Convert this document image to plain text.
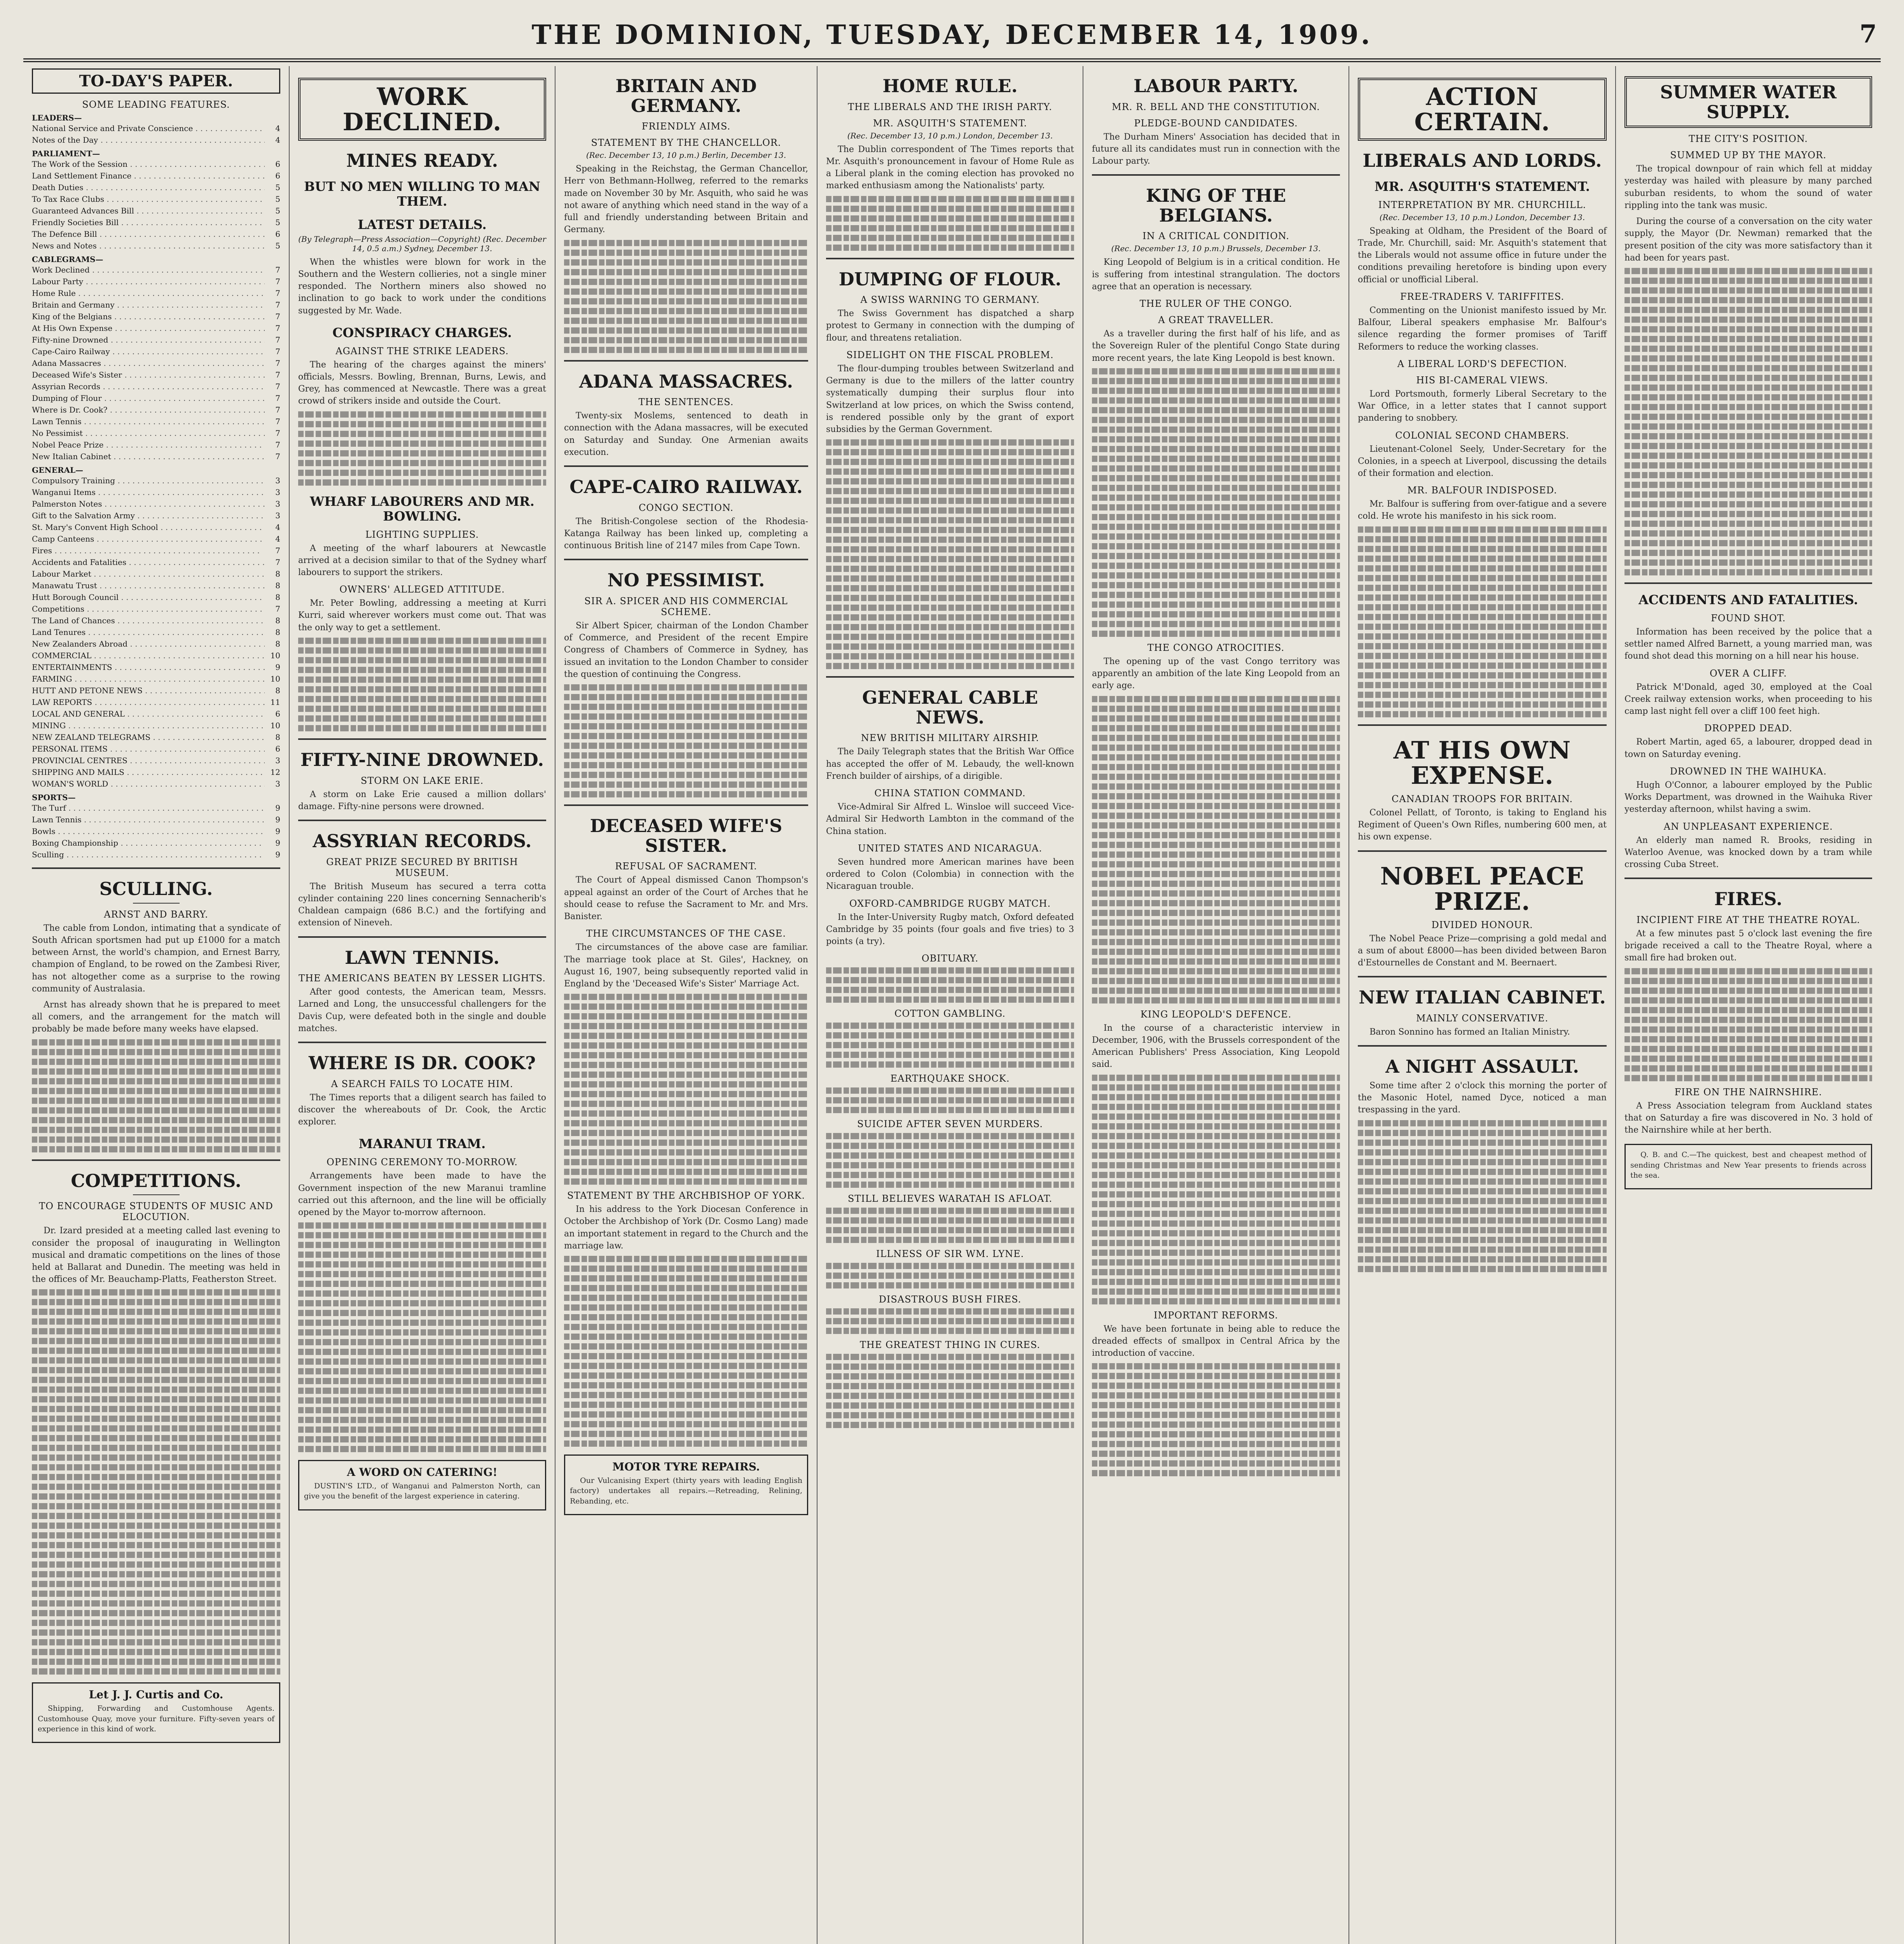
THE DOMINION, TUESDAY, DECEMBER 14, 1909.	7
TO-DAY'S PAPER.
SOME LEADING FEATURES.
LEADERS—
National Service and Private Conscience . . .	4
Notes of the Day . . .	4
PARLIAMENT—
The Work of the Session . . .	6
Land Settlement Finance . . .	6
Death Duties . . .	5
To Tax Race Clubs . . .	5
Guaranteed Advances Bill . . .	5
Friendly Societies Bill . . .	5
The Defence Bill . . .	6
News and Notes . . .	5
CABLEGRAMS—
Work Declined . . .	7
Labour Party . . .	7
Home Rule . . .	7
Britain and Germany . . .	7
King of the Belgians . . .	7
At His Own Expense . . .	7
Fifty-nine Drowned . . .	7
Cape-Cairo Railway . . .	7
Adana Massacres . . .	7
Deceased Wife's Sister . . .	7
Assyrian Records . . .	7
Dumping of Flour . . .	7
Where is Dr. Cook? . . .	7
Lawn Tennis . . .	7
No Pessimist . . .	7
Nobel Peace Prize . . .	7
New Italian Cabinet . . .	7
GENERAL—
Compulsory Training . . .	3
Wanganui Items . . .	3
Palmerston Notes . . .	3
Gift to the Salvation Army . . .	3
St. Mary's Convent High School . . .	4
Camp Canteens . . .	4
Fires . . .	7
Accidents and Fatalities . . .	7
Labour Market . . .	8
Manawatu Trust . . .	8
Hutt Borough Council . . .	8
Competitions . . .	7
The Land of Chances . . .	8
Land Tenures . . .	8
New Zealanders Abroad . . .	8
COMMERCIAL . . .	10
ENTERTAINMENTS . . .	9
FARMING . . .	10
HUTT AND PETONE NEWS . . .	8
LAW REPORTS . . .	11
LOCAL AND GENERAL . . .	6
MINING . . .	10
NEW ZEALAND TELEGRAMS . . .	8
PERSONAL ITEMS . . .	6
PROVINCIAL CENTRES . . .	3
SHIPPING AND MAILS . . .	12
WOMAN'S WORLD . . .	3
SPORTS—
The Turf . . .	9
Lawn Tennis . . .	9
Bowls . . .	9
Boxing Championship . . .	9
Sculling . . .	9
SCULLING.
ARNST AND BARRY.

The cable from London, intimating that a syndicate of South African sportsmen had put up £1000 for a match between Arnst, the world's champion, and Ernest Barry, champion of England, to be rowed on the Zambesi River, has not altogether come as a surprise to the rowing community of Australasia.

Arnst has already shown that he is prepared to meet all comers, and the arrangement for the match will probably be made before many weeks have elapsed.

COMPETITIONS.
TO ENCOURAGE STUDENTS OF MUSIC AND ELOCUTION.

Dr. Izard presided at a meeting called last evening to consider the proposal of inaugurating in Wellington musical and dramatic competitions on the lines of those held at Ballarat and Dunedin. The meeting was held in the offices of Mr. Beauchamp-Platts, Featherston Street.

Let J. J. Curtis and Co.

Shipping, Forwarding and Customhouse Agents. Customhouse Quay, move your furniture. Fifty-seven years of experience in this kind of work.

WORK DECLINED.
MINES READY.
BUT NO MEN WILLING TO MAN THEM.
LATEST DETAILS.
(By Telegraph—Press Association—Copyright) (Rec. December 14, 0.5 a.m.) Sydney, December 13.

When the whistles were blown for work in the Southern and the Western collieries, not a single miner responded. The Northern miners also showed no inclination to go back to work under the conditions suggested by Mr. Wade.

CONSPIRACY CHARGES.
AGAINST THE STRIKE LEADERS.

The hearing of the charges against the miners' officials, Messrs. Bowling, Brennan, Burns, Lewis, and Grey, has commenced at Newcastle. There was a great crowd of strikers inside and outside the Court.

WHARF LABOURERS AND MR. BOWLING.
LIGHTING SUPPLIES.

A meeting of the wharf labourers at Newcastle arrived at a decision similar to that of the Sydney wharf labourers to support the strikers.

OWNERS' ALLEGED ATTITUDE.

Mr. Peter Bowling, addressing a meeting at Kurri Kurri, said wherever workers must come out. That was the only way to get a settlement.

FIFTY-NINE DROWNED.
STORM ON LAKE ERIE.

A storm on Lake Erie caused a million dollars' damage. Fifty-nine persons were drowned.

ASSYRIAN RECORDS.
GREAT PRIZE SECURED BY BRITISH MUSEUM.

The British Museum has secured a terra cotta cylinder containing 220 lines concerning Sennacherib's Chaldean campaign (686 B.C.) and the fortifying and extension of Nineveh.

LAWN TENNIS.
THE AMERICANS BEATEN BY LESSER LIGHTS.

After good contests, the American team, Messrs. Larned and Long, the unsuccessful challengers for the Davis Cup, were defeated both in the single and double matches.

WHERE IS DR. COOK?
A SEARCH FAILS TO LOCATE HIM.

The Times reports that a diligent search has failed to discover the whereabouts of Dr. Cook, the Arctic explorer.

MARANUI TRAM.
OPENING CEREMONY TO-MORROW.

Arrangements have been made to have the Government inspection of the new Maranui tramline carried out this afternoon, and the line will be officially opened by the Mayor to-morrow afternoon.

A WORD ON CATERING!

DUSTIN'S LTD., of Wanganui and Palmerston North, can give you the benefit of the largest experience in catering.

BRITAIN AND GERMANY.
FRIENDLY AIMS.
STATEMENT BY THE CHANCELLOR.
(Rec. December 13, 10 p.m.) Berlin, December 13.

Speaking in the Reichstag, the German Chancellor, Herr von Bethmann-Hollweg, referred to the remarks made on November 30 by Mr. Asquith, who said he was not aware of anything which need stand in the way of a full and friendly understanding between Britain and Germany.

ADANA MASSACRES.
THE SENTENCES.

Twenty-six Moslems, sentenced to death in connection with the Adana massacres, will be executed on Saturday and Sunday. One Armenian awaits execution.

CAPE-CAIRO RAILWAY.
CONGO SECTION.

The British-Congolese section of the Rhodesia-Katanga Railway has been linked up, completing a continuous British line of 2147 miles from Cape Town.

NO PESSIMIST.
SIR A. SPICER AND HIS COMMERCIAL SCHEME.

Sir Albert Spicer, chairman of the London Chamber of Commerce, and President of the recent Empire Congress of Chambers of Commerce in Sydney, has issued an invitation to the London Chamber to consider the question of continuing the Congress.

DECEASED WIFE'S SISTER.
REFUSAL OF SACRAMENT.

The Court of Appeal dismissed Canon Thompson's appeal against an order of the Court of Arches that he should cease to refuse the Sacrament to Mr. and Mrs. Banister.

THE CIRCUMSTANCES OF THE CASE.

The circumstances of the above case are familiar. The marriage took place at St. Giles', Hackney, on August 16, 1907, being subsequently reported valid in England by the 'Deceased Wife's Sister' Marriage Act.

STATEMENT BY THE ARCHBISHOP OF YORK.

In his address to the York Diocesan Conference in October the Archbishop of York (Dr. Cosmo Lang) made an important statement in regard to the Church and the marriage law.

MOTOR TYRE REPAIRS.

Our Vulcanising Expert (thirty years with leading English factory) undertakes all repairs.—Retreading, Relining, Rebanding, etc.

HOME RULE.
THE LIBERALS AND THE IRISH PARTY.
MR. ASQUITH'S STATEMENT.
(Rec. December 13, 10 p.m.) London, December 13.

The Dublin correspondent of The Times reports that Mr. Asquith's pronouncement in favour of Home Rule as a Liberal plank in the coming election has provoked no marked enthusiasm among the Nationalists' party.

DUMPING OF FLOUR.
A SWISS WARNING TO GERMANY.

The Swiss Government has dispatched a sharp protest to Germany in connection with the dumping of flour, and threatens retaliation.

SIDELIGHT ON THE FISCAL PROBLEM.

The flour-dumping troubles between Switzerland and Germany is due to the millers of the latter country systematically dumping their surplus flour into Switzerland at low prices, on which the Swiss contend, is rendered possible only by the grant of export subsidies by the German Government.

GENERAL CABLE NEWS.
NEW BRITISH MILITARY AIRSHIP.

The Daily Telegraph states that the British War Office has accepted the offer of M. Lebaudy, the well-known French builder of airships, of a dirigible.

CHINA STATION COMMAND.

Vice-Admiral Sir Alfred L. Winsloe will succeed Vice-Admiral Sir Hedworth Lambton in the command of the China station.

UNITED STATES AND NICARAGUA.

Seven hundred more American marines have been ordered to Colon (Colombia) in connection with the Nicaraguan trouble.

OXFORD-CAMBRIDGE RUGBY MATCH.

In the Inter-University Rugby match, Oxford defeated Cambridge by 35 points (four goals and five tries) to 3 points (a try).

OBITUARY.
COTTON GAMBLING.
EARTHQUAKE SHOCK.
SUICIDE AFTER SEVEN MURDERS.
STILL BELIEVES WARATAH IS AFLOAT.
ILLNESS OF SIR WM. LYNE.
DISASTROUS BUSH FIRES.
THE GREATEST THING IN CURES.
LABOUR PARTY.
MR. R. BELL AND THE CONSTITUTION.
PLEDGE-BOUND CANDIDATES.

The Durham Miners' Association has decided that in future all its candidates must run in connection with the Labour party.

KING OF THE BELGIANS.
IN A CRITICAL CONDITION.
(Rec. December 13, 10 p.m.) Brussels, December 13.

King Leopold of Belgium is in a critical condition. He is suffering from intestinal strangulation. The doctors agree that an operation is necessary.

THE RULER OF THE CONGO.
A GREAT TRAVELLER.

As a traveller during the first half of his life, and as the Sovereign Ruler of the plentiful Congo State during more recent years, the late King Leopold is best known.

THE CONGO ATROCITIES.

The opening up of the vast Congo territory was apparently an ambition of the late King Leopold from an early age.

KING LEOPOLD'S DEFENCE.

In the course of a characteristic interview in December, 1906, with the Brussels correspondent of the American Publishers' Press Association, King Leopold said.

IMPORTANT REFORMS.

We have been fortunate in being able to reduce the dreaded effects of smallpox in Central Africa by the introduction of vaccine.

ACTION CERTAIN.
LIBERALS AND LORDS.
MR. ASQUITH'S STATEMENT.
INTERPRETATION BY MR. CHURCHILL.
(Rec. December 13, 10 p.m.) London, December 13.

Speaking at Oldham, the President of the Board of Trade, Mr. Churchill, said: Mr. Asquith's statement that the Liberals would not assume office in future under the conditions prevailing heretofore is binding upon every official or unofficial Liberal.

FREE-TRADERS V. TARIFFITES.

Commenting on the Unionist manifesto issued by Mr. Balfour, Liberal speakers emphasise Mr. Balfour's silence regarding the former promises of Tariff Reformers to reduce the working classes.

A LIBERAL LORD'S DEFECTION.
HIS BI-CAMERAL VIEWS.

Lord Portsmouth, formerly Liberal Secretary to the War Office, in a letter states that I cannot support pandering to snobbery.

COLONIAL SECOND CHAMBERS.

Lieutenant-Colonel Seely, Under-Secretary for the Colonies, in a speech at Liverpool, discussing the details of their formation and election.

MR. BALFOUR INDISPOSED.

Mr. Balfour is suffering from over-fatigue and a severe cold. He wrote his manifesto in his sick room.

AT HIS OWN EXPENSE.
CANADIAN TROOPS FOR BRITAIN.

Colonel Pellatt, of Toronto, is taking to England his Regiment of Queen's Own Rifles, numbering 600 men, at his own expense.

NOBEL PEACE PRIZE.
DIVIDED HONOUR.

The Nobel Peace Prize—comprising a gold medal and a sum of about £8000—has been divided between Baron d'Estournelles de Constant and M. Beernaert.

NEW ITALIAN CABINET.
MAINLY CONSERVATIVE.

Baron Sonnino has formed an Italian Ministry.

A NIGHT ASSAULT.

Some time after 2 o'clock this morning the porter of the Masonic Hotel, named Dyce, noticed a man trespassing in the yard.

SUMMER WATER SUPPLY.
THE CITY'S POSITION.
SUMMED UP BY THE MAYOR.

The tropical downpour of rain which fell at midday yesterday was hailed with pleasure by many parched suburban residents, to whom the sound of water rippling into the tank was music.

During the course of a conversation on the city water supply, the Mayor (Dr. Newman) remarked that the present position of the city was more satisfactory than it had been for years past.

ACCIDENTS AND FATALITIES.
FOUND SHOT.

Information has been received by the police that a settler named Alfred Barnett, a young married man, was found shot dead this morning on a hill near his house.

OVER A CLIFF.

Patrick M'Donald, aged 30, employed at the Coal Creek railway extension works, when proceeding to his camp last night fell over a cliff 100 feet high.

DROPPED DEAD.

Robert Martin, aged 65, a labourer, dropped dead in town on Saturday evening.

DROWNED IN THE WAIHUKA.

Hugh O'Connor, a labourer employed by the Public Works Department, was drowned in the Waihuka River yesterday afternoon, whilst having a swim.

AN UNPLEASANT EXPERIENCE.

An elderly man named R. Brooks, residing in Waterloo Avenue, was knocked down by a tram while crossing Cuba Street.

FIRES.
INCIPIENT FIRE AT THE THEATRE ROYAL.

At a few minutes past 5 o'clock last evening the fire brigade received a call to the Theatre Royal, where a small fire had broken out.

FIRE ON THE NAIRNSHIRE.

A Press Association telegram from Auckland states that on Saturday a fire was discovered in No. 3 hold of the Nairnshire while at her berth.

Q. B. and C.—The quickest, best and cheapest method of sending Christmas and New Year presents to friends across the sea.
